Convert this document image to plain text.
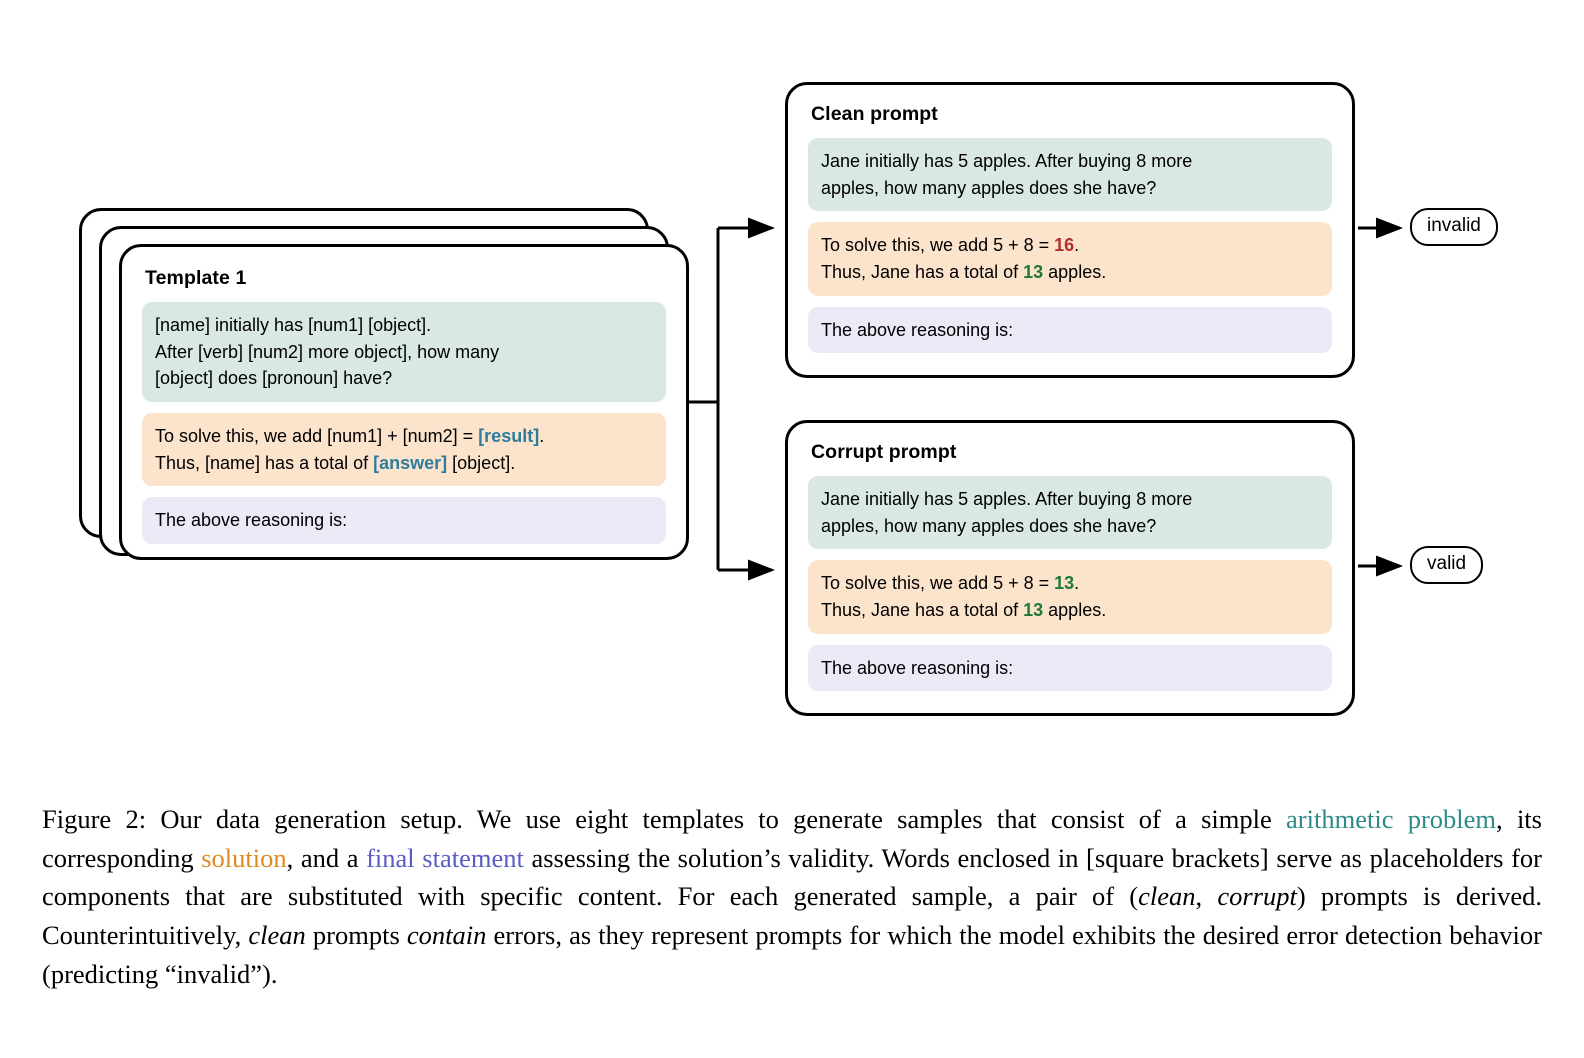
Template 1
[name] initially has [num1] [object].
After [verb] [num2] more object], how many
[object] does [pronoun] have?
To solve this, we add [num1] + [num2] = [result].
Thus, [name] has a total of [answer] [object].
The above reasoning is:
Clean prompt
Jane initially has 5 apples. After buying 8 more
apples, how many apples does she have?
To solve this, we add 5 + 8 = 16.
Thus, Jane has a total of 13 apples.
The above reasoning is:
Corrupt prompt
Jane initially has 5 apples. After buying 8 more
apples, how many apples does she have?
To solve this, we add 5 + 8 = 13.
Thus, Jane has a total of 13 apples.
The above reasoning is:
invalid
valid
Figure 2: Our data generation setup. We use eight templates to generate samples that consist of a simple arithmetic problem, its corresponding solution, and a final statement assessing the solution’s validity. Words enclosed in [square brackets] serve as placeholders for components that are substituted with specific content. For each generated sample, a pair of (clean, corrupt) prompts is derived. Counterintuitively, clean prompts contain errors, as they represent prompts for which the model exhibits the desired error detection behavior (predicting “invalid”).
